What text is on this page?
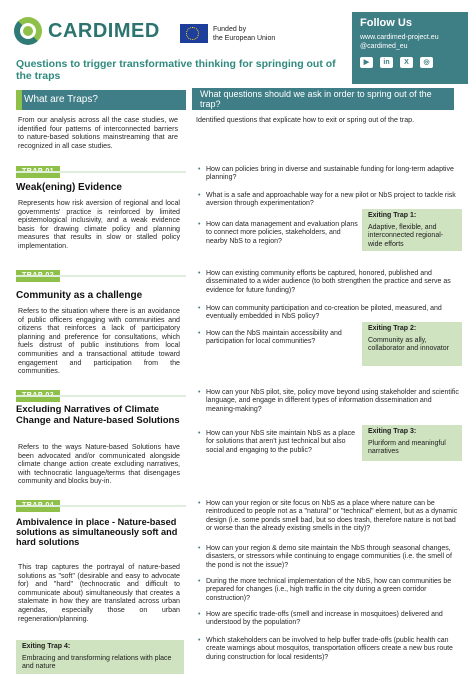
CARDIMED	Funded by
the European Union
Follow Us
www.cardimed-project.eu
@cardimed_eu
▶	in	X	◎
Questions to trigger transformative thinking for springing out of the traps
What are Traps?	What questions should we ask in order to spring out of the trap?
From our analysis across all the case studies, we identified four patterns of interconnected barriers to nature-based solutions mainstreaming that are recognized in all case studies.
Identified questions that explicate how to exit or spring out of the trap.
Weak(ening) Evidence
Represents how risk aversion of regional and local governments' practice is reinforced by limited epistemological inclusivity, and a weak evidence basis for drawing climate policy and planning measures that results in slow or stalled policy implementation.
• How can policies bring in diverse and sustainable funding for long-term adaptive planning?
• What is a safe and approachable way for a new pilot or NbS project to tackle risk aversion through experimentation?
• How can data management and evaluation plans to connect more policies, stakeholders, and nearby NbS to a region?
Exiting Trap 1:
Adaptive, flexible, and interconnected regional-wide efforts
Community as a challenge
Refers to the situation where there is an avoidance of public officers engaging with communities and citizens that reinforces a lack of participatory planning and preference for consultations, which fuels distrust of public institutions from local communities and a transactional attitude toward engagement and participation from the communities.
• How can existing community efforts be captured, honored, published and disseminated to a wider audience (to both strengthen the practice and serve as evidence for future funding)?
• How can community participation and co-creation be piloted, measured, and eventually embedded in NbS policy?
• How can the NbS maintain accessibility and participation for local communities?
Exiting Trap 2:
Community as ally, collaborator and innovator
Excluding Narratives of Climate Change and Nature-based Solutions
Refers to the ways Nature-based Solutions have been advocated and/or communicated alongside climate change action create excluding narratives, with technocratic language/terms that disengages community and blocks buy-in.
• How can your NbS pilot, site, policy move beyond using stakeholder and scientific language, and engage in different types of information dissemination and meaning-making?
• How can your NbS site maintain NbS as a place for solutions that aren't just technical but also social and engaging to the public?
Exiting Trap 3:
Pluriform and meaningful narratives
Ambivalence in place - Nature-based solutions as simultaneously soft and hard solutions
This trap captures the portrayal of nature-based solutions as "soft" (desirable and easy to advocate for) and "hard" (technocratic and difficult to communicate about) simultaneously that creates a stalemate in how they are translated across urban agendas, especially those on urban regeneration/planning.
Exiting Trap 4:
Embracing and transforming relations with place and nature
• How can your region or site focus on NbS as a place where nature can be reintroduced to people not as a "natural" or "technical" element, but as a dynamic design (i.e. some ponds smell bad, but so does trash, therefore nature is not bad or worse than the already existing smells in the city)?
• How can your region & demo site maintain the NbS through seasonal changes, disasters, or stressors while continuing to engage communities (i.e. the smell of the pond is not the issue)?
• During the more technical implementation of the NbS, how can communities be prepared for changes (i.e., high traffic in the city during a green corridor construction)?
• How are specific trade-offs (smell and increase in mosquitoes) delivered and understood by the population?
• Which stakeholders can be involved to help buffer trade-offs (public health can create warnings about mosquitos, transportation officers create a new bus route during construction for local residents)?
